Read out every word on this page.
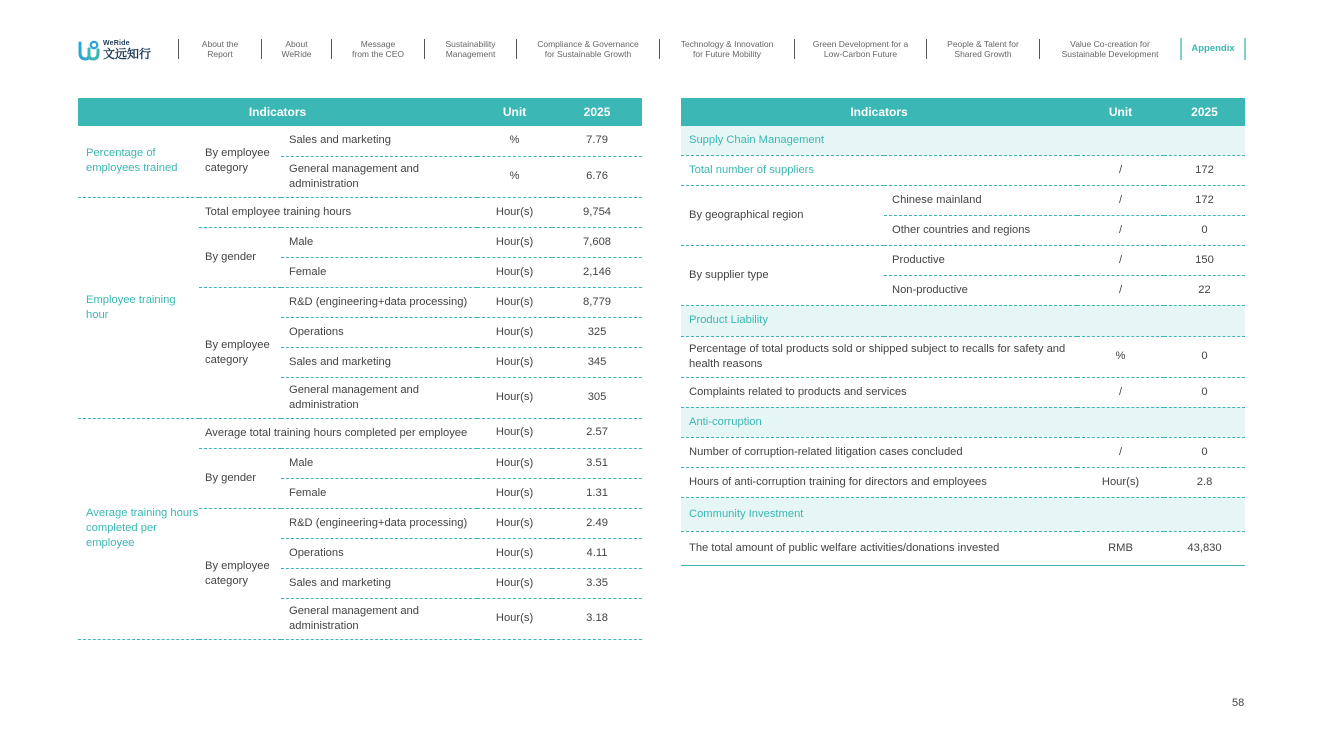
WeRide
文远知行
About the
Report
About
WeRide
Message
from the CEO
Sustainability
Management
Compliance & Governance
for Sustainable Growth
Technology & Innovation
for Future Mobility
Green Development for a
Low-Carbon Future
People & Talent for
Shared Growth
Value Co-creation for
Sustainable Development	Appendix
Indicators			Unit	2025
Percentage of employees trained	By employee category	Sales and marketing	%	7.79
		General management and administration	%	6.76
Employee training hour	Total employee training hours		Hour(s)	9,754
	By gender	Male	Hour(s)	7,608
		Female	Hour(s)	2,146
	By employee category	R&D (engineering+data processing)	Hour(s)	8,779
		Operations	Hour(s)	325
		Sales and marketing	Hour(s)	345
		General management and administration	Hour(s)	305

Average training hours completed per employee	Average total training hours completed per employee		Hour(s)	2.57
	By gender	Male	Hour(s)	3.51
		Female	Hour(s)	1.31
	By employee category	R&D (engineering+data processing)	Hour(s)	2.49
		Operations	Hour(s)	4.11
		Sales and marketing	Hour(s)	3.35
		General management and administration	Hour(s)	3.18
Indicators		Unit	2025
Supply Chain Management			
Total number of suppliers		/	172
By geographical region	Chinese mainland	/	172
	Other countries and regions	/	0
By supplier type	Productive	/	150
	Non-productive	/	22
Product Liability			
Percentage of total products sold or shipped subject to recalls for safety and health reasons		%	0
Complaints related to products and services		/	0
Anti-corruption			
Number of corruption-related litigation cases concluded		/	0
Hours of anti-corruption training for directors and employees		Hour(s)	2.8
Community Investment			
The total amount of public welfare activities/donations invested		RMB	43,830
58
